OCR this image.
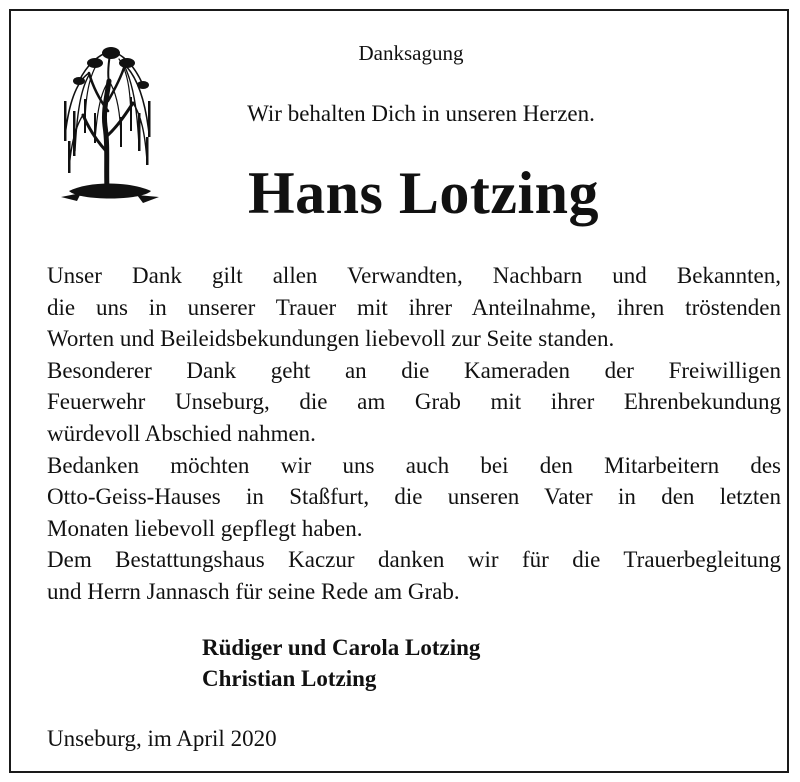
Danksagung
Wir behalten Dich in unseren Herzen.
Hans Lotzing
Unser Dank gilt allen Verwandten, Nachbarn und Bekannten,
die uns in unserer Trauer mit ihrer Anteilnahme, ihren tröstenden
Worten und Beileidsbekundungen liebevoll zur Seite standen.
Besonderer Dank geht an die Kameraden der Freiwilligen
Feuerwehr Unseburg, die am Grab mit ihrer Ehrenbekundung
würdevoll Abschied nahmen.
Bedanken möchten wir uns auch bei den Mitarbeitern des
Otto-Geiss-Hauses in Staßfurt, die unseren Vater in den letzten
Monaten liebevoll gepflegt haben.
Dem Bestattungshaus Kaczur danken wir für die Trauerbegleitung
und Herrn Jannasch für seine Rede am Grab.
Rüdiger und Carola Lotzing
Christian Lotzing
Unseburg, im April 2020
